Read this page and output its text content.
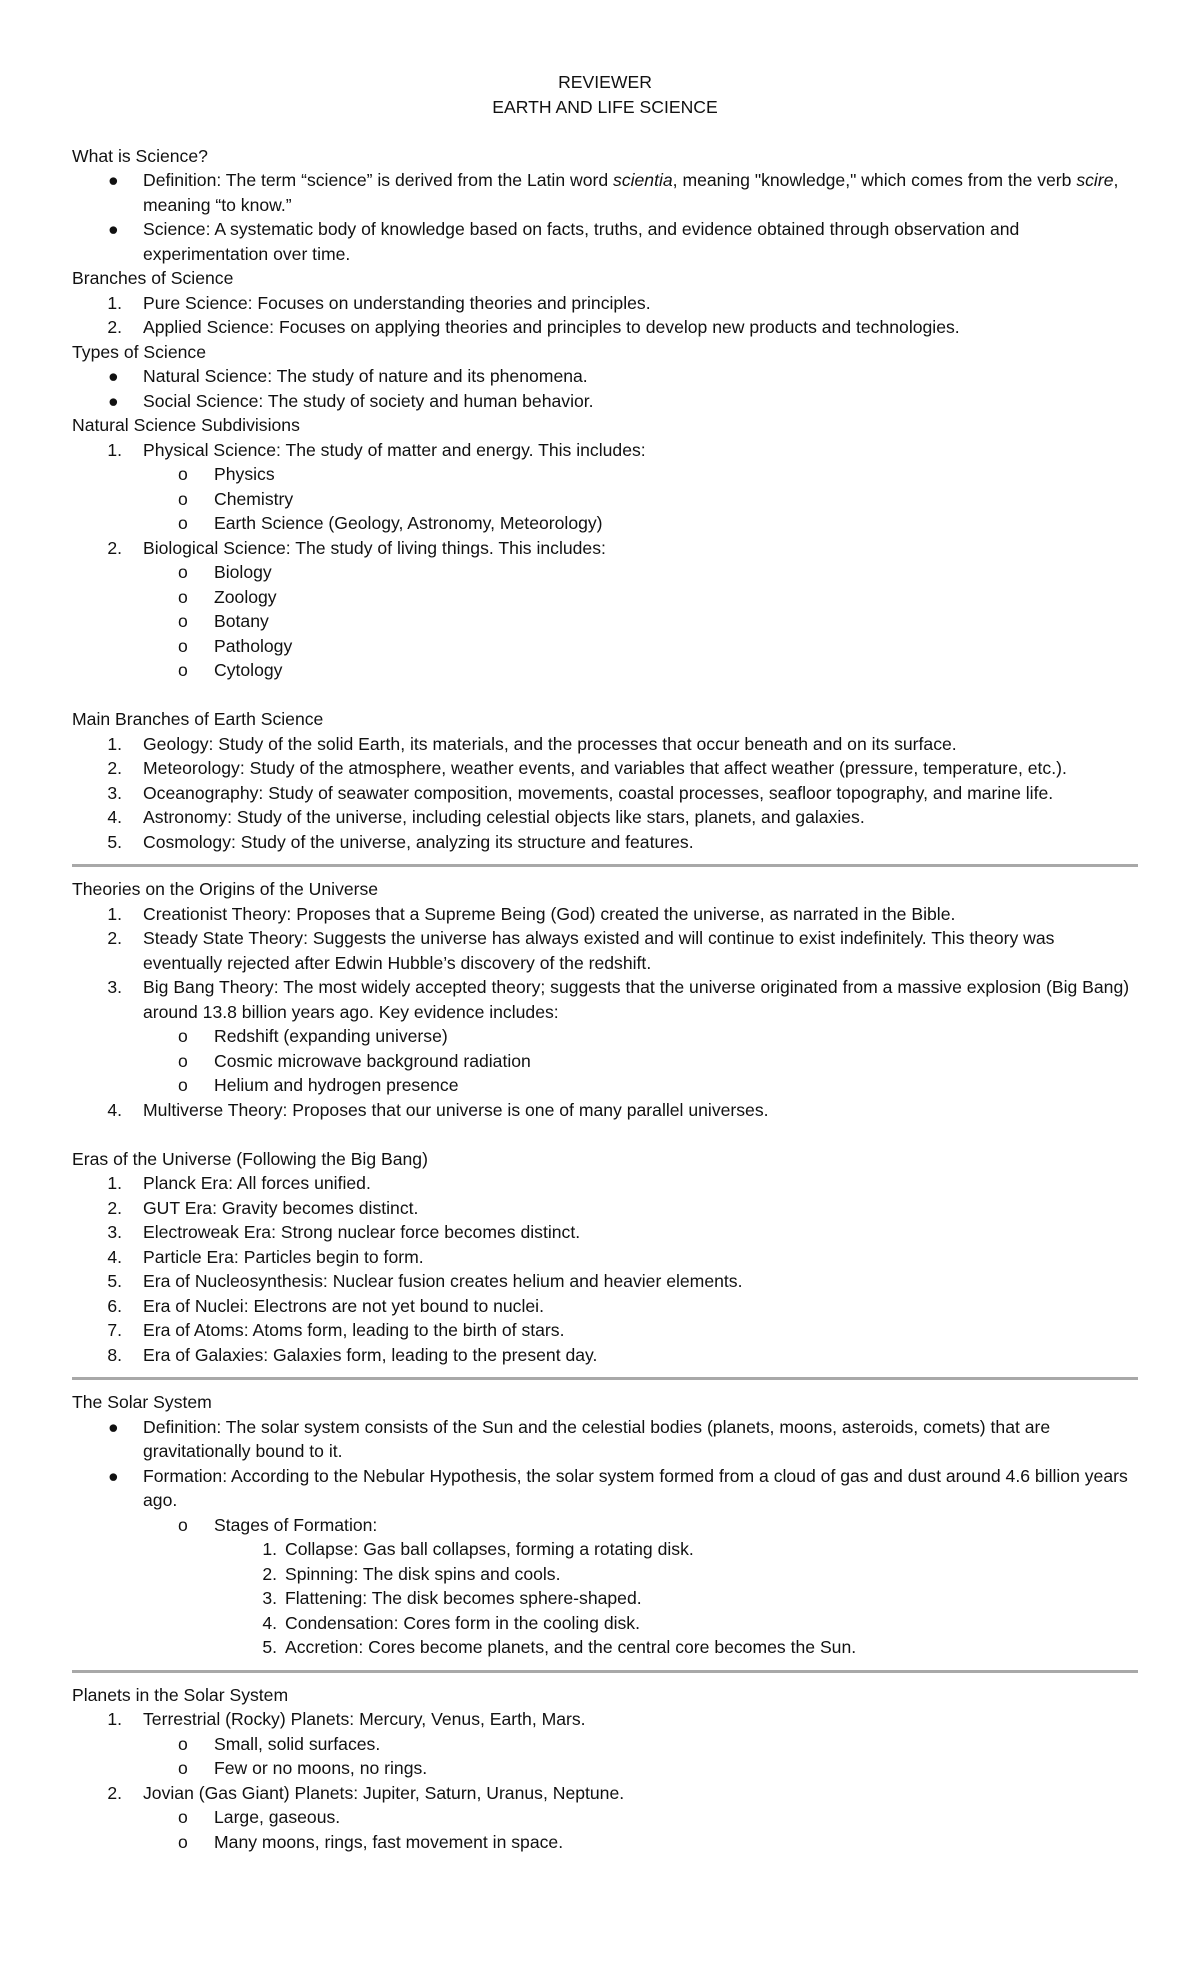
REVIEWER
EARTH AND LIFE SCIENCE
What is Science?
●	Definition: The term “science” is derived from the Latin word scientia, meaning "knowledge," which comes from the verb scire, meaning “to know.”
●	Science: A systematic body of knowledge based on facts, truths, and evidence obtained through observation and experimentation over time.
Branches of Science
1. Pure Science: Focuses on understanding theories and principles.
2. Applied Science: Focuses on applying theories and principles to develop new products and technologies.
Types of Science
●	Natural Science: The study of nature and its phenomena.
●	Social Science: The study of society and human behavior.
Natural Science Subdivisions
1. Physical Science: The study of matter and energy. This includes:
o Physics
o Chemistry
o Earth Science (Geology, Astronomy, Meteorology)
2. Biological Science: The study of living things. This includes:
o Biology
o Zoology
o Botany
o Pathology
o Cytology
Main Branches of Earth Science
1. Geology: Study of the solid Earth, its materials, and the processes that occur beneath and on its surface.
2. Meteorology: Study of the atmosphere, weather events, and variables that affect weather (pressure, temperature, etc.).
3. Oceanography: Study of seawater composition, movements, coastal processes, seafloor topography, and marine life.
4. Astronomy: Study of the universe, including celestial objects like stars, planets, and galaxies.
5. Cosmology: Study of the universe, analyzing its structure and features.
Theories on the Origins of the Universe
1. Creationist Theory: Proposes that a Supreme Being (God) created the universe, as narrated in the Bible.
2. Steady State Theory: Suggests the universe has always existed and will continue to exist indefinitely. This theory was eventually rejected after Edwin Hubble’s discovery of the redshift.
3. Big Bang Theory: The most widely accepted theory; suggests that the universe originated from a massive explosion (Big Bang) around 13.8 billion years ago. Key evidence includes:
o Redshift (expanding universe)
o Cosmic microwave background radiation
o Helium and hydrogen presence
4. Multiverse Theory: Proposes that our universe is one of many parallel universes.
Eras of the Universe (Following the Big Bang)
1. Planck Era: All forces unified.
2. GUT Era: Gravity becomes distinct.
3. Electroweak Era: Strong nuclear force becomes distinct.
4. Particle Era: Particles begin to form.
5. Era of Nucleosynthesis: Nuclear fusion creates helium and heavier elements.
6. Era of Nuclei: Electrons are not yet bound to nuclei.
7. Era of Atoms: Atoms form, leading to the birth of stars.
8. Era of Galaxies: Galaxies form, leading to the present day.
The Solar System
●	Definition: The solar system consists of the Sun and the celestial bodies (planets, moons, asteroids, comets) that are gravitationally bound to it.
●	Formation: According to the Nebular Hypothesis, the solar system formed from a cloud of gas and dust around 4.6 billion years ago.
o Stages of Formation:
1. Collapse: Gas ball collapses, forming a rotating disk.
2. Spinning: The disk spins and cools.
3. Flattening: The disk becomes sphere-shaped.
4. Condensation: Cores form in the cooling disk.
5. Accretion: Cores become planets, and the central core becomes the Sun.
Planets in the Solar System
1. Terrestrial (Rocky) Planets: Mercury, Venus, Earth, Mars.
o Small, solid surfaces.
o Few or no moons, no rings.
2. Jovian (Gas Giant) Planets: Jupiter, Saturn, Uranus, Neptune.
o Large, gaseous.
o Many moons, rings, fast movement in space.
